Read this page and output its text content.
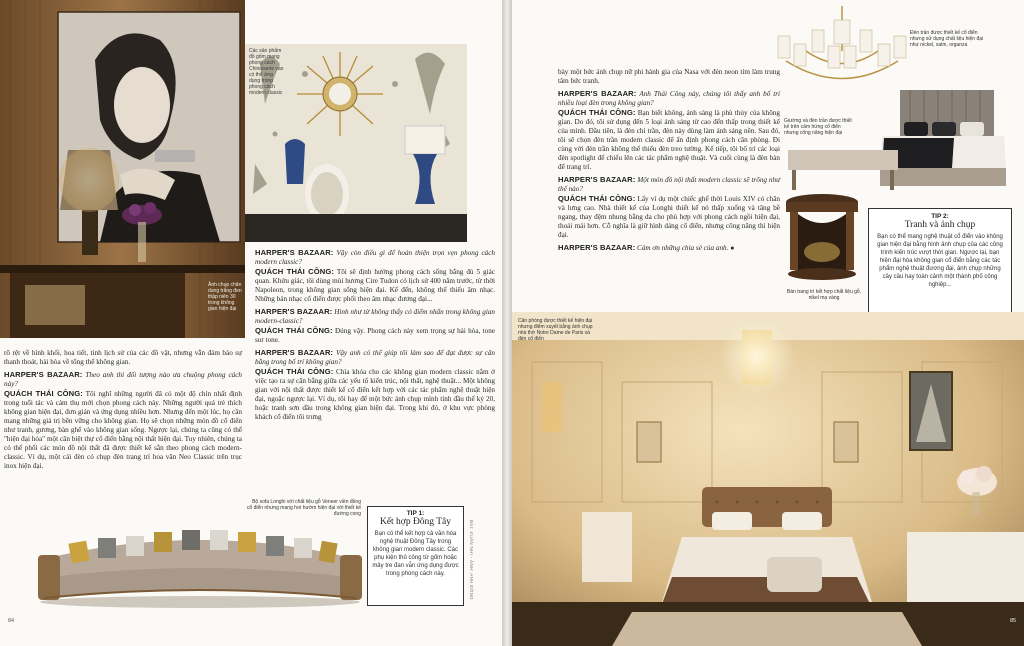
Ảnh chụp chân dung trắng đen thập niên 30 trong không gian hiện đại
Các sản phẩm đồ gốm mang phong cách Chinoiserie vào có thể ứng dụng trong phong cách modern classic

rõ rệt về hình khối, hoa tiết, tinh lịch sử của các đồ vật, nhưng vẫn đảm bảo sự thanh thoát, hài hòa về tổng thể không gian.

HARPER'S BAZAAR: Theo anh thì đối tượng nào ưa chuộng phong cách này?
QUÁCH THÁI CÔNG: Tôi nghĩ những người đã có một độ chín nhất định trong tuổi tác và cảm thụ mới chọn phong cách này. Những người quá trẻ thích không gian hiện đại, đơn giản và ứng dụng nhiều hơn. Nhưng đến một lúc, họ cần mang những giá trị bền vững cho không gian. Họ sẽ chọn những món đồ cổ điển như tranh, gương, bàn ghế vào không gian sống. Ngược lại, chúng ta cũng có thể "hiện đại hóa" một căn biệt thự cổ điển bằng nội thất hiện đại. Tuy nhiên, chúng ta có thể phối các món đồ nội thất đã được thiết kế sẵn theo phong cách modern-classic. Ví dụ, một cái đèn có chụp đèn trang trí hoa văn Neo Classic trên trục inox hiện đại.
HARPER'S BAZAAR: Vậy còn điều gì để hoàn thiện trọn vẹn phong cách modern classic?

QUÁCH THÁI CÔNG: Tôi sẽ định hướng phong cách sống bằng đủ 5 giác quan. Khứu giác, tôi dùng mùi hương Cire Tudon có lịch sử 400 năm trước, từ thời Napoleon, trong không gian sống hiện đại. Kế đến, không thể thiếu âm nhạc. Những bản nhạc cổ điển được phối theo âm nhạc đương đại...

HARPER'S BAZAAR: Hình như từ không thấy có điểm nhấn trong không gian modern-classic?

QUÁCH THÁI CÔNG: Đúng vậy. Phong cách này xem trọng sự hài hòa, tone sur tone.

HARPER'S BAZAAR: Vậy anh có thể giúp tôi làm sao để đạt được sự cân bằng trong bố trí không gian?
QUÁCH THÁI CÔNG: Chìa khóa cho các không gian modern classic nằm ở việc tạo ra sự cân bằng giữa các yếu tố kiến trúc, nội thất, nghệ thuật... Một không gian với nội thất được thiết kế cổ điển kết hợp với các tác phẩm nghệ thuật hiện đại, ngoặc ngược lại. Ví dụ, tôi hay để một bức ảnh chụp mình tỉnh đầu thế kỷ 20, hoặc tranh sơn dầu trong không gian hiện đại. Trong khi đó, ở khu vực phòng khách cổ điển tôi trưng
Bộ sofa Longhi với chất liệu gỗ Veneer viền đồng cổ điển nhưng mang hơi hướm hiện đại với thiết kế đường cong	TIP 1:
Kết hợp Đông Tây
Bạn có thể kết hợp cả văn hóa nghệ thuật Đông Tây trong không gian modern classic. Các phụ kiện thủ công từ gốm hoặc mây tre đan vẫn ứng dụng được trong phong cách này.	BÀI: XUÂN NHI - ẢNH: ANH ĐÔNG
84

bày một bức ảnh chụp nữ phi hành gia của Nasa với đèn neon tím làm trung tâm bức tranh.

HARPER'S BAZAAR: Anh Thái Công này, chúng tôi thấy anh bố trí nhiều loại đèn trong không gian?

QUÁCH THÁI CÔNG: Bạn biết không, ánh sáng là phù thủy của không gian. Do đó, tôi sử dụng đến 5 loại ánh sáng từ cao đến thấp trong thiết kế của mình. Đầu tiên, là đèn chì trần, đèn này dùng làm ánh sáng nền. Sau đó, tôi sẽ chọn đèn trần modern classic để ẩn định phong cách căn phòng. Đi cùng với đèn trần không thể thiếu đèn treo tường. Kế tiếp, tôi bố trí các loại đèn spotlight để chiếu lên các tác phẩm nghệ thuật. Và cuối cùng là đèn bàn để trang trí.

HARPER'S BAZAAR: Một món đồ nội thất modern classic sẽ trông như thế nào?

QUÁCH THÁI CÔNG: Lấy ví dụ một chiếc ghế thời Louis XIV có chân và lưng cao. Nhà thiết kế của Longhi thiết kế nó thấp xuống và tăng bề ngang, thay đệm nhung bằng da cho phù hợp với phong cách ngồi hiện đại, thoải mái hơn. Cỗ nghĩa là giữ hình dáng cổ điển, nhưng công năng thì hiện đại.

HARPER'S BAZAAR: Cảm ơn những chia sẻ của anh. ●
Đèn trần được thiết kế cổ điển nhưng sử dụng chất liệu hiện đại như nickel, satin, organza
Giường và đèn trần được thiết kế trên cảm hứng cổ điển nhưng công năng hiện đại
Bàn trang trí kết hợp chất liệu gỗ, nikel mạ vàng
TIP 2:
Tranh và ảnh chụp
Bạn có thể mang nghệ thuật cổ điển vào không gian hiện đại bằng hình ảnh chụp của các công trình kiến trúc vượt thời gian. Ngược lại, bạn hiện đại hóa không gian cổ điển bằng các tác phẩm nghệ thuật đương đại, ảnh chụp những cây cầu hay toàn cảnh một thành phố công nghiệp...
Căn phòng được thiết kế hiện đại nhưng điểm xuyết bằng ảnh chụp nhà thờ Notre Dame de Paris và đèn cổ điển
85
